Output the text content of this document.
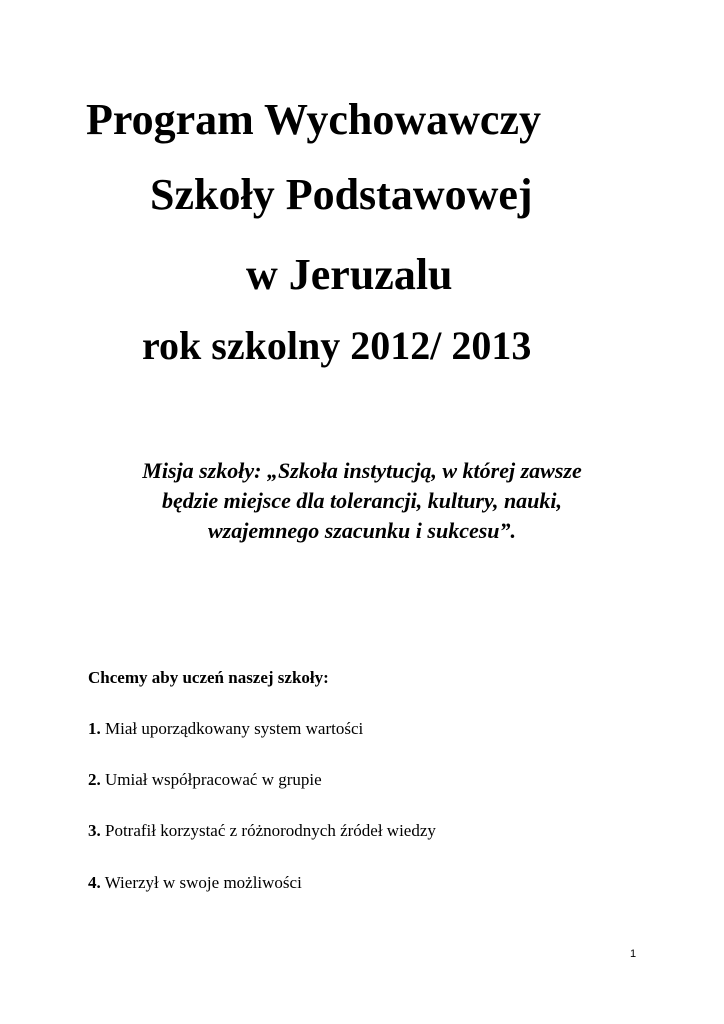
Program Wychowawczy
Szkoły Podstawowej
w Jeruzalu
rok szkolny 2012/ 2013
Misja szkoły: „Szkoła instytucją, w której zawsze
będzie miejsce dla tolerancji, kultury, nauki,
wzajemnego szacunku i sukcesu”.
Chcemy aby uczeń naszej szkoły:
1. Miał uporządkowany system wartości
2. Umiał współpracować w grupie
3. Potrafił korzystać z różnorodnych źródeł wiedzy
4. Wierzył w swoje możliwości
1
